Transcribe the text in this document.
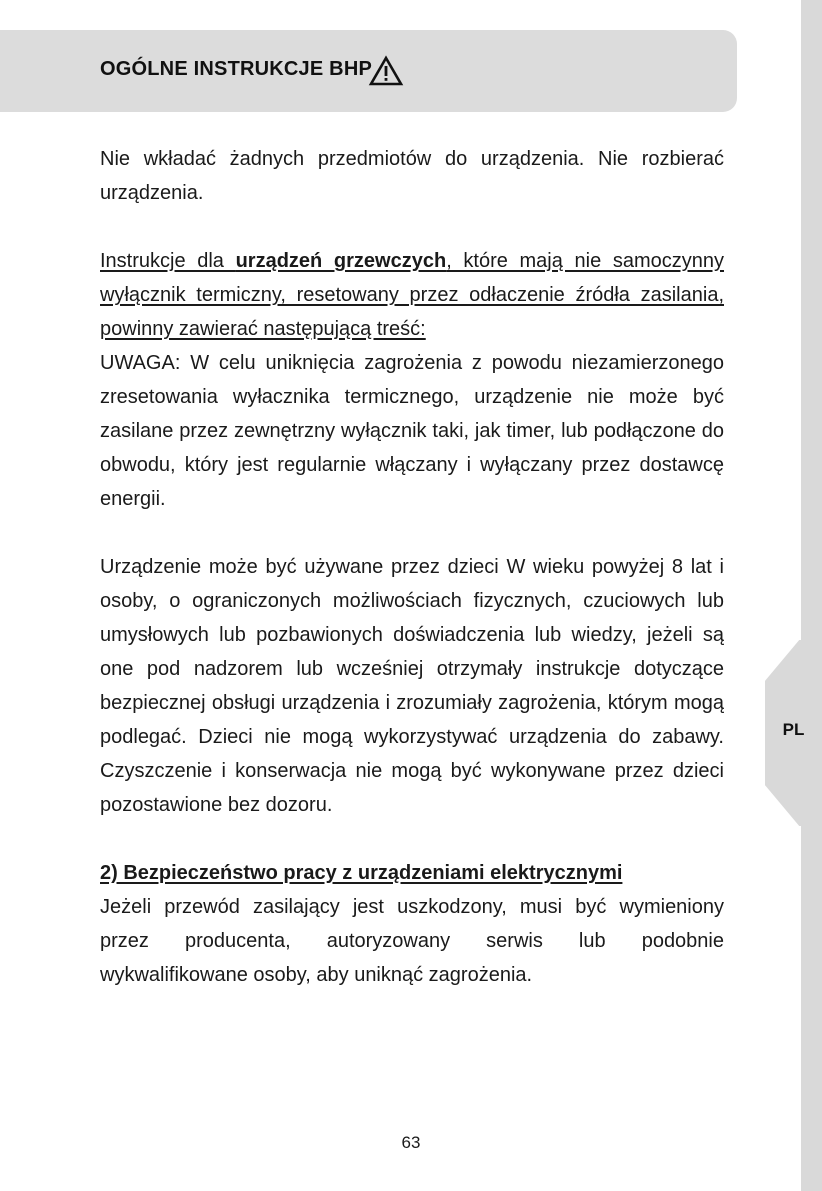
PL
OGÓLNE INSTRUKCJE BHP

Nie wkładać żadnych przedmiotów do urządzenia. Nie rozbierać urządzenia.

Instrukcje dla urządzeń grzewczych, które mają nie samoczynny wyłącznik termiczny, resetowany przez odłaczenie źródła zasilania, powinny zawierać następującą treść:

UWAGA: W celu uniknięcia zagrożenia z powodu niezamierzonego zresetowania wyłacznika termicznego, urządzenie nie może być zasilane przez zewnętrzny wyłącznik taki, jak timer, lub podłączone do obwodu, który jest regularnie włączany i wyłączany przez dostawcę energii.

Urządzenie może być używane przez dzieci W wieku powyżej 8 lat i osoby, o ograniczonych możliwościach fizycznych, czuciowych lub umysłowych lub pozbawionych doświadczenia lub wiedzy, jeżeli są one pod nadzorem lub wcześniej otrzymały instrukcje dotyczące bezpiecznej obsługi urządzenia i zrozumiały zagrożenia, którym mogą podlegać. Dzieci nie mogą wykorzystywać urządzenia do zabawy. Czyszczenie i konserwacja nie mogą być wykonywane przez dzieci pozostawione bez dozoru.

2) Bezpieczeństwo pracy z urządzeniami elektrycznymi

Jeżeli przewód zasilający jest uszkodzony, musi być wymieniony przez producenta, autoryzowany serwis lub podobnie wykwalifikowane osoby, aby uniknąć zagrożenia.

63
